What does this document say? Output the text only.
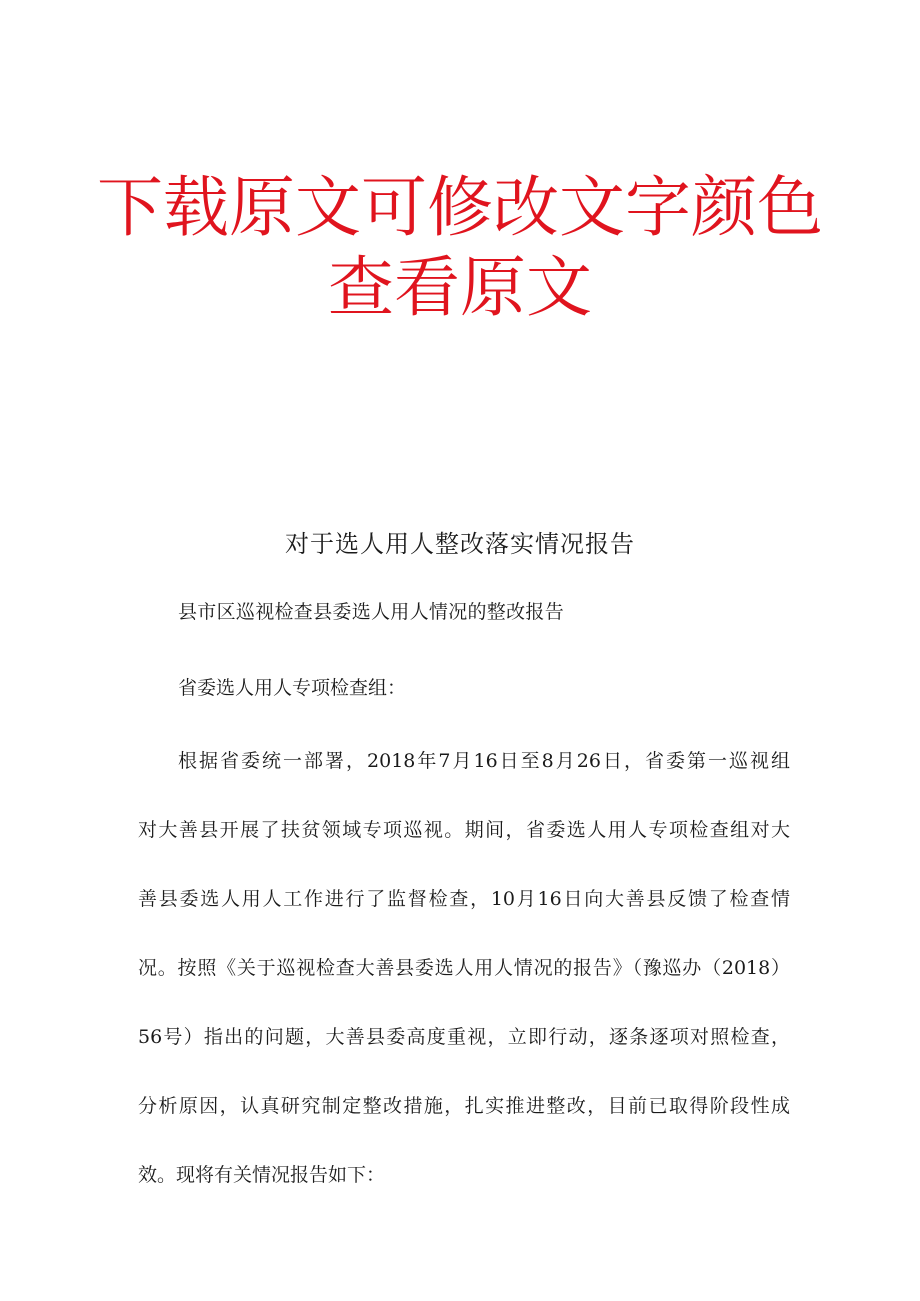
下载原文可修改文字颜色
查看原文
对于选人用人整改落实情况报告
县市区巡视检查县委选人用人情况的整改报告
省委选人用人专项检查组：
根据省委统一部署，2018年7月16日至8月26日，省委第一巡视组
对大善县开展了扶贫领域专项巡视。期间，省委选人用人专项检查组对大
善县委选人用人工作进行了监督检查，10月16日向大善县反馈了检查情
况。按照《关于巡视检查大善县委选人用人情况的报告》（豫巡办（2018）
56号）指出的问题，大善县委高度重视，立即行动，逐条逐项对照检查，
分析原因，认真研究制定整改措施，扎实推进整改，目前已取得阶段性成
效。现将有关情况报告如下：
